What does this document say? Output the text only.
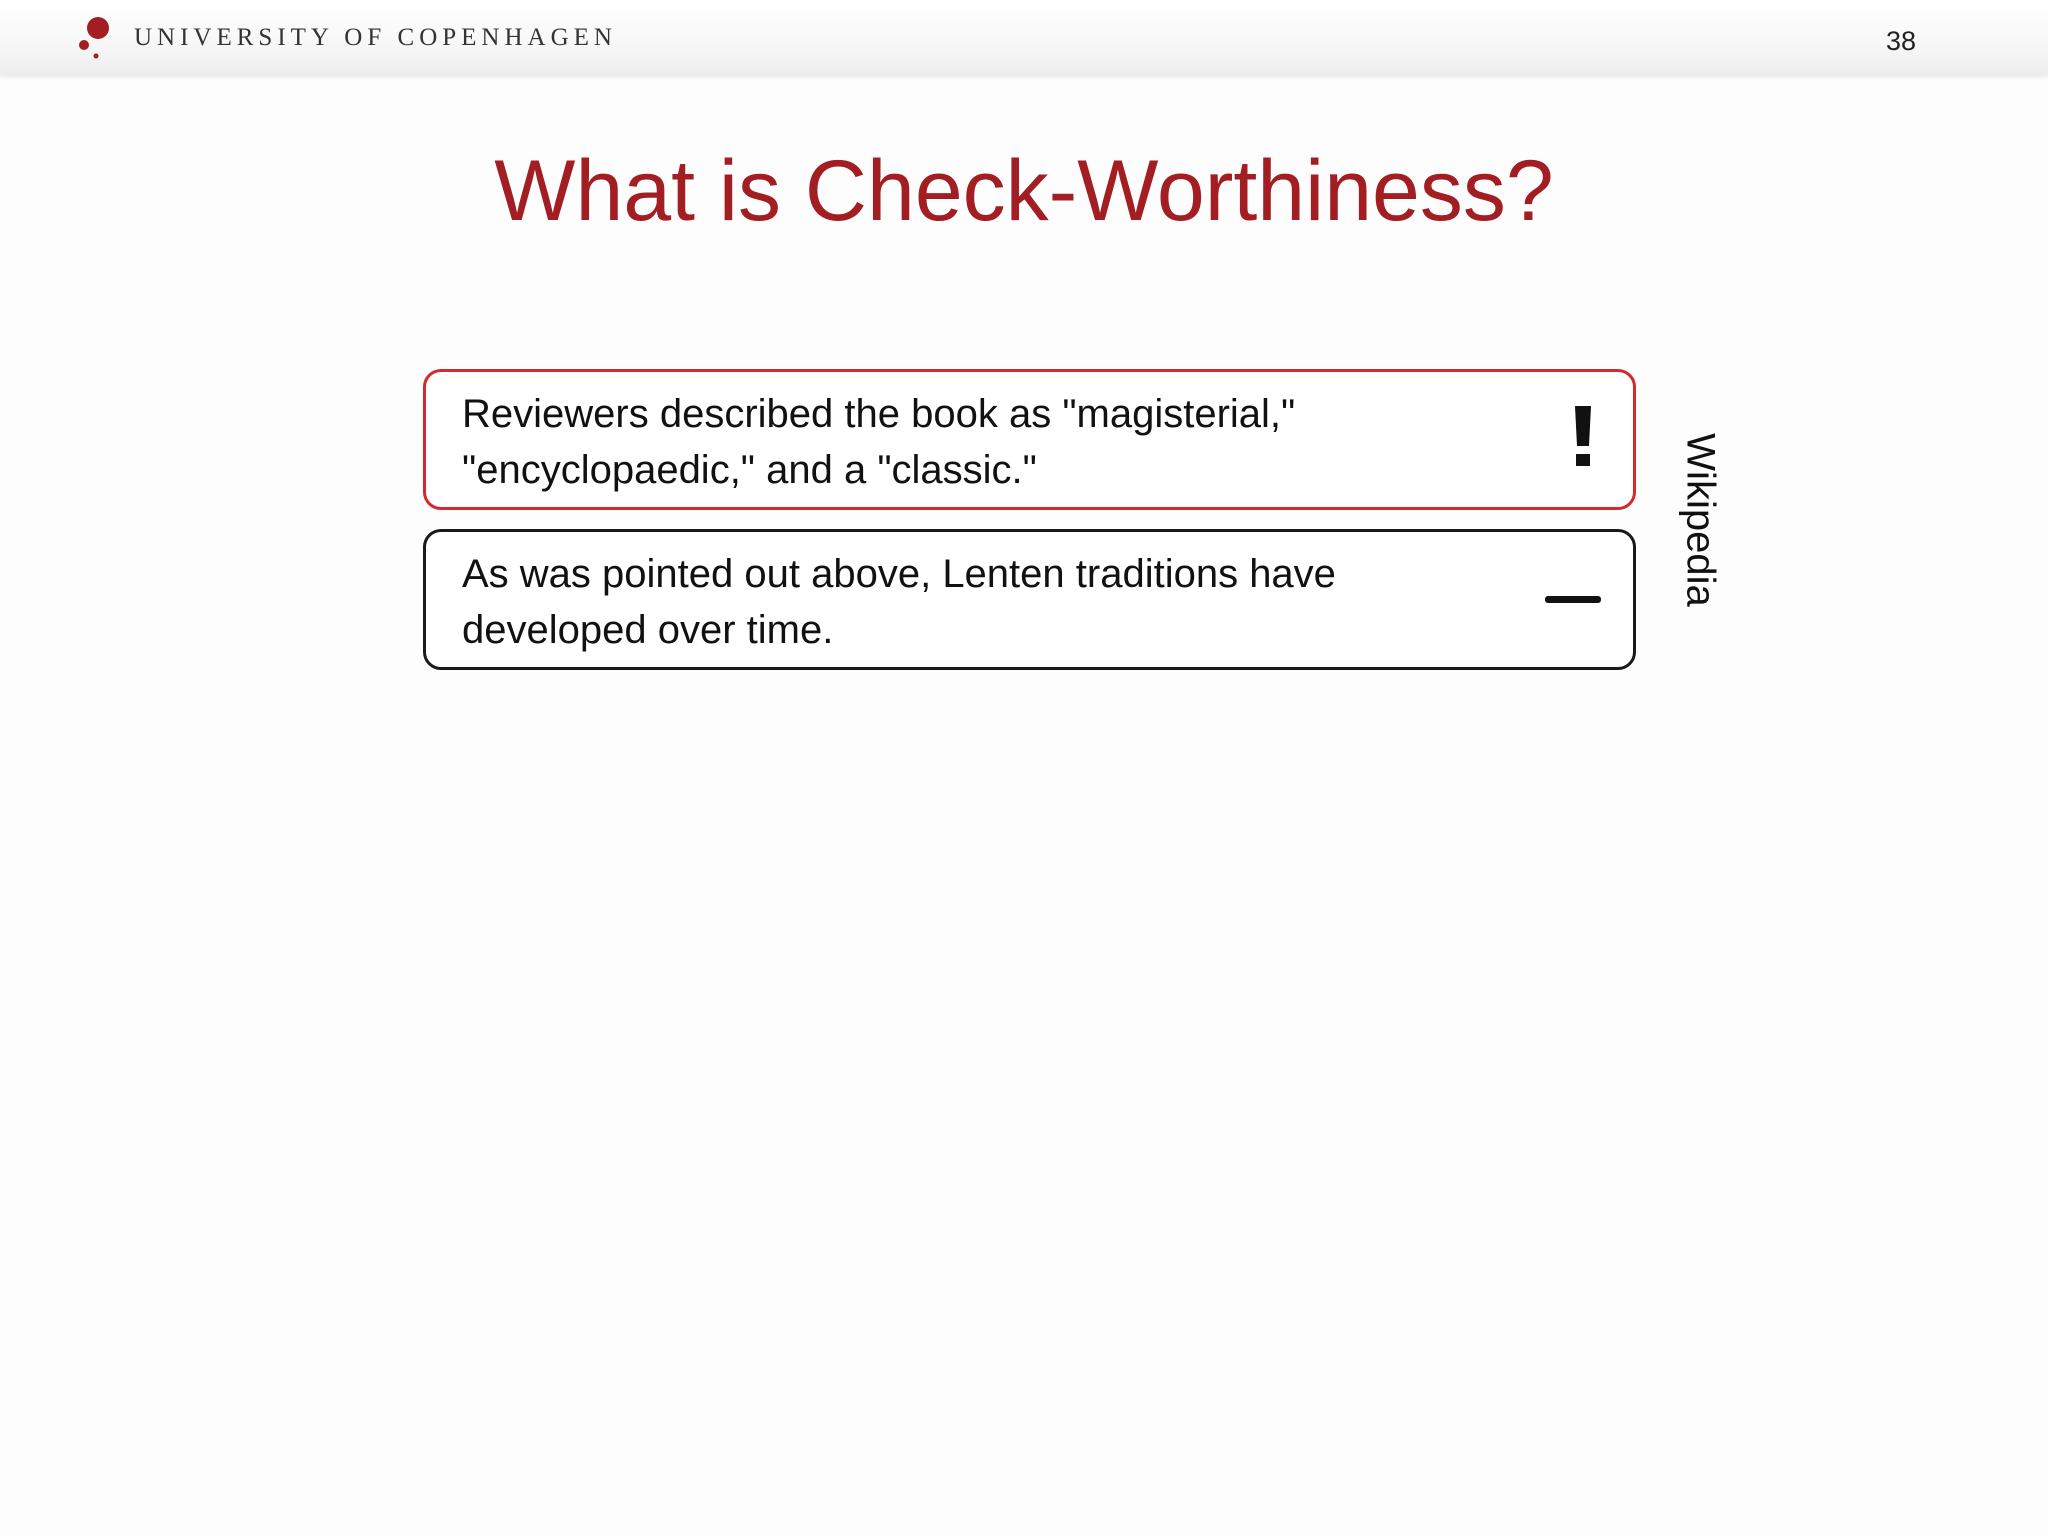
UNIVERSITY OF COPENHAGEN	38
What is Check-Worthiness?
Reviewers described the book as "magisterial,"
"encyclopaedic," and a "classic."
As was pointed out above, Lenten traditions have
developed over time.
Wikipedia
